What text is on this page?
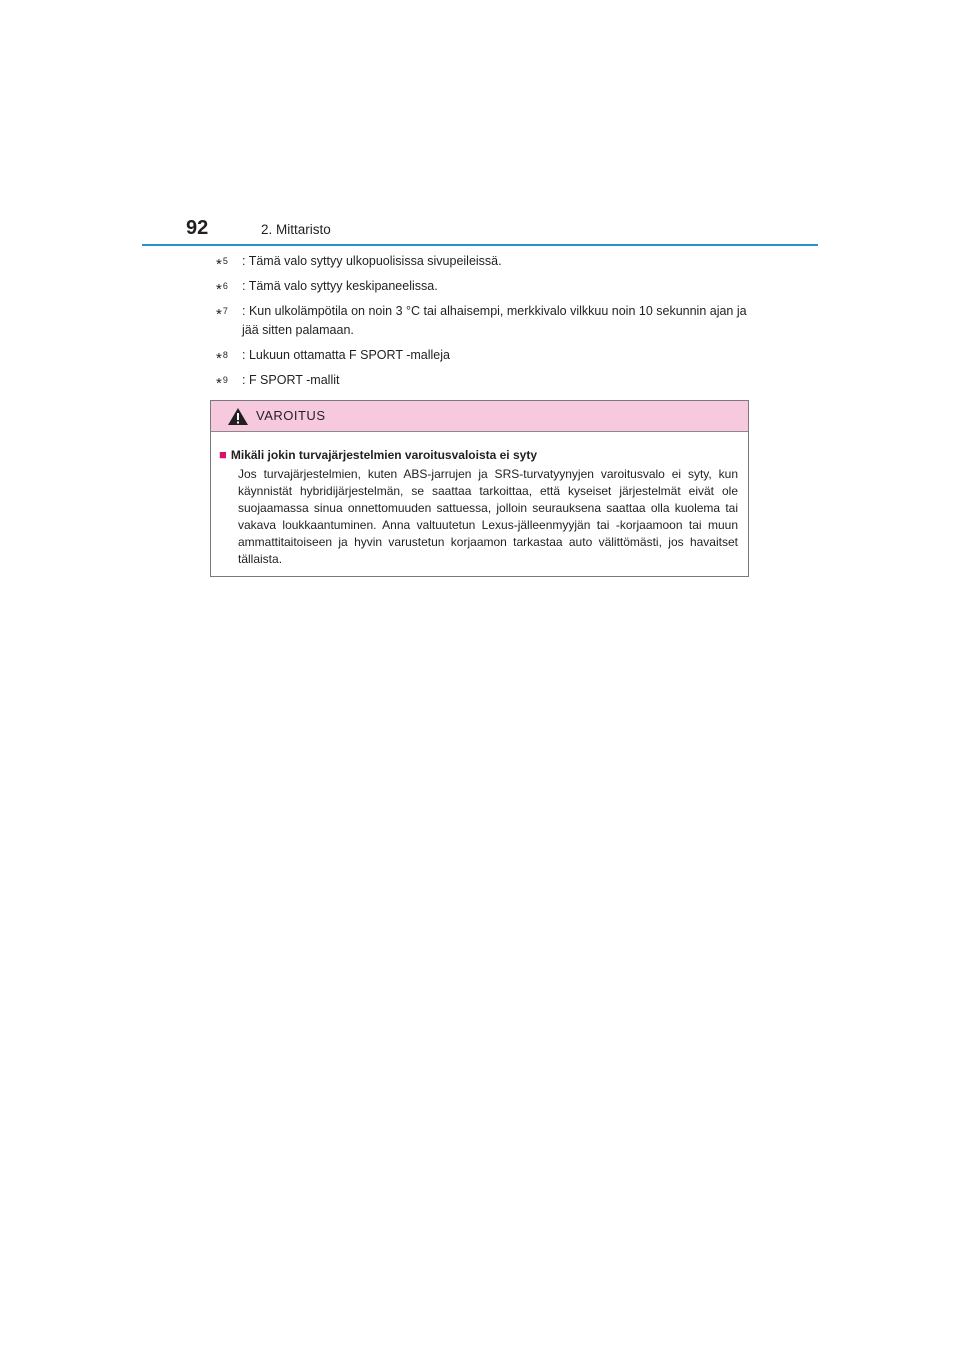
92	2. Mittaristo
*$^5$ : Tämä valo syttyy ulkopuolisissa sivupeileissä.
*$^6$ : Tämä valo syttyy keskipaneelissa.
*$^7$ : Kun ulkolämpötila on noin 3 °C tai alhaisempi, merkkivalo vilkkuu noin 10 sekunnin ajan ja jää sitten palamaan.
*$^8$ : Lukuun ottamatta F SPORT -malleja
*$^9$ : F SPORT -mallit
VAROITUS
■ Mikäli jokin turvajärjestelmien varoitusvaloista ei syty
Jos turvajärjestelmien, kuten ABS-jarrujen ja SRS-turvatyynyjen varoitusvalo ei syty, kun käynnistät hybridijärjestelmän, se saattaa tarkoittaa, että kyseiset järjestelmät eivät ole suojaamassa sinua onnettomuuden sattuessa, jolloin seurauksena saattaa olla kuolema tai vakava loukkaantuminen. Anna valtuutetun Lexus-jälleenmyyjän tai -korjaamoon tai muun ammattitaitoiseen ja hyvin varustetun korjaamon tarkastaa auto välittömästi, jos havaitset tällaista.
